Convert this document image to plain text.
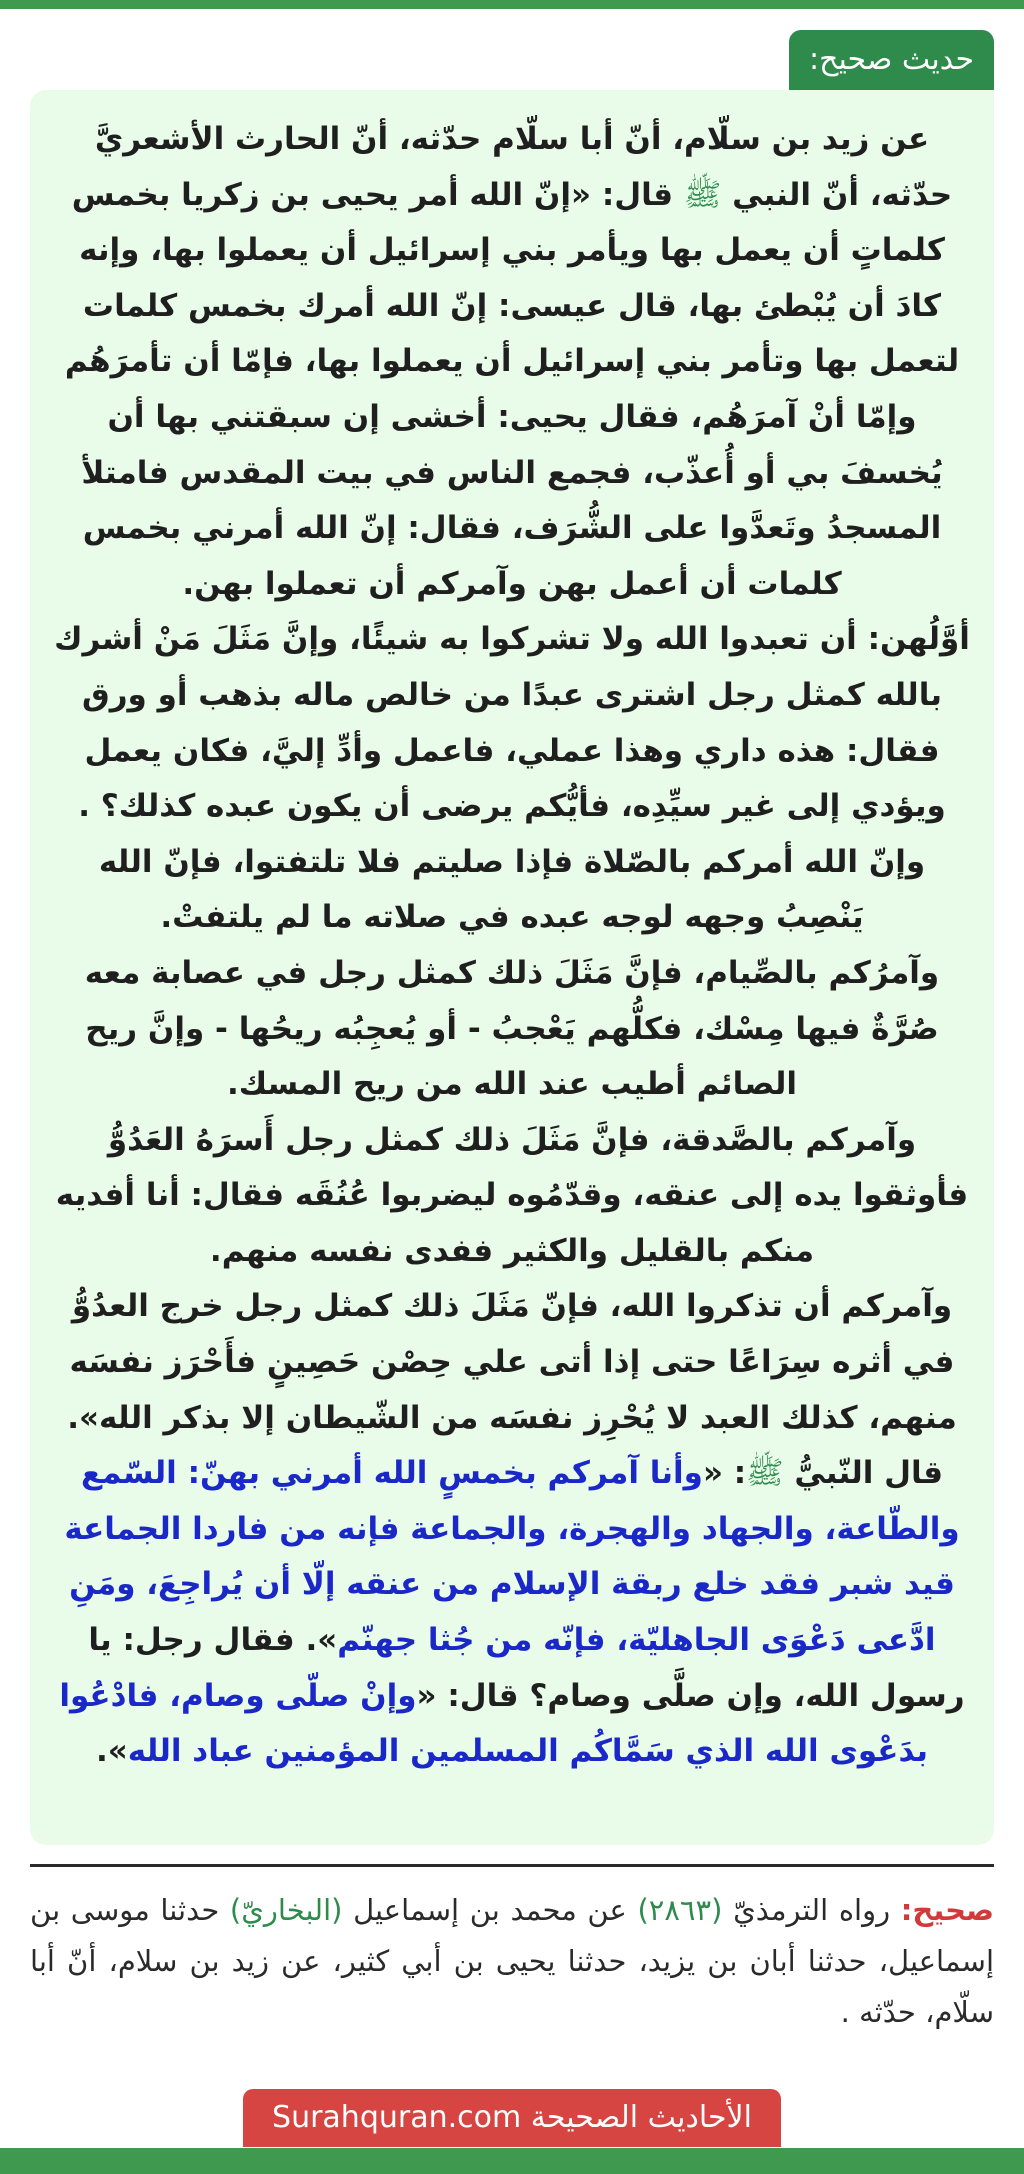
حديث صحيح:

عن زيد بن سلّام، أنّ أبا سلّام حدّثه، أنّ الحارث الأشعريَّ حدّثه، أنّ النبي ﷺ قال: «إنّ الله أمر يحيى بن زكريا بخمس كلماتٍ أن يعمل بها ويأمر بني إسرائيل أن يعملوا بها، وإنه كادَ أن يُبْطئ بها، قال عيسى: إنّ الله أمرك بخمس كلمات لتعمل بها وتأمر بني إسرائيل أن يعملوا بها، فإمّا أن تأمرَهُم وإمّا أنْ آمرَهُم، فقال يحيى: أخشى إن سبقتني بها أن يُخسفَ بي أو أُعذّب، فجمع الناس في بيت المقدس فامتلأ المسجدُ وتَعدَّوا على الشُّرَف، فقال: إنّ الله أمرني بخمس كلمات أن أعمل بهن وآمركم أن تعملوا بهن.

أوَّلُهن: أن تعبدوا الله ولا تشركوا به شيئًا، وإنَّ مَثَلَ مَنْ أشرك بالله كمثل رجل اشترى عبدًا من خالص ماله بذهب أو ورق فقال: هذه داري وهذا عملي، فاعمل وأدِّ إليَّ، فكان يعمل ويؤدي إلى غير سيِّدِه، فأيُّكم يرضى أن يكون عبده كذلك؟ .

وإنّ الله أمركم بالصّلاة فإذا صليتم فلا تلتفتوا، فإنّ الله يَنْصِبُ وجهه لوجه عبده في صلاته ما لم يلتفتْ.

وآمرُكم بالصِّيام، فإنَّ مَثَلَ ذلك كمثل رجل في عصابة معه صُرَّةٌ فيها مِسْك، فكلُّهم يَعْجبُ - أو يُعجِبُه ريحُها - وإنَّ ريح الصائم أطيب عند الله من ريح المسك.

وآمركم بالصَّدقة، فإنَّ مَثَلَ ذلك كمثل رجل أَسرَهُ العَدُوُّ فأوثقوا يده إلى عنقه، وقدّمُوه ليضربوا عُنُقَه فقال: أنا أفديه منكم بالقليل والكثير ففدى نفسه منهم.

وآمركم أن تذكروا الله، فإنّ مَثَلَ ذلك كمثل رجل خرج العدُوُّ في أثره سِرَاعًا حتى إذا أتى علي حِصْن حَصِينٍ فأَحْرَز نفسَه منهم، كذلك العبد لا يُحْرِز نفسَه من الشّيطان إلا بذكر الله».

قال النّبيُّ ﷺ: «وأنا آمركم بخمسٍ الله أمرني بهنّ: السّمع والطّاعة، والجهاد والهجرة، والجماعة فإنه من فاردا الجماعة قيد شبر فقد خلع ربقة الإسلام من عنقه إلّا أن يُراجِعَ، ومَنِ ادَّعى دَعْوَى الجاهليّة، فإنّه من جُثا جهنّم». فقال رجل: يا رسول الله، وإن صلَّى وصام؟ قال: «وإنْ صلّى وصام، فادْعُوا بدَعْوى الله الذي سَمَّاكُم المسلمين المؤمنين عباد الله».

صحيح: رواه الترمذيّ (٢٨٦٣) عن محمد بن إسماعيل (البخاريّ) حدثنا موسى بن إسماعيل، حدثنا أبان بن يزيد، حدثنا يحيى بن أبي كثير، عن زيد بن سلام، أنّ أبا سلّام، حدّثه .
الأحاديث الصحيحة Surahquran.com
